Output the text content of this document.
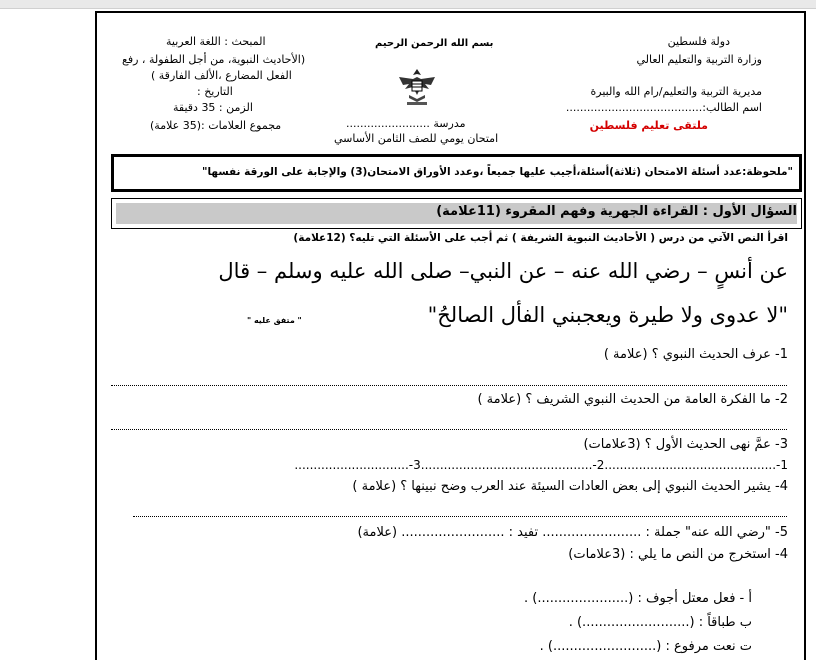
دولة فلسطين
وزارة التربية والتعليم العالي
مديرية التربية والتعليم/رام الله والبيرة
اسم الطالب:.......................................
ملتقى تعليم فلسطين
بسم الله الرحمن الرحيم
مدرسة ........................
امتحان يومي للصف الثامن الأساسي
المبحث : اللغة العربية
(الأحاديث النبوية، من أجل الطفولة ، رفع
الفعل المضارع ،الألف الفارقة )
التاريخ :
الزمن : 35 دقيقة
مجموع العلامات :(35 علامة)
"ملحوظة:عدد أسئلة الامتحان (ثلاثة)أسئلة،أجيب عليها جميعاً ،وعدد الأوراق الامتحان(3) والإجابة على الورقة نفسها"
السؤال الأول : القراءة الجهرية وفهم المقروء (11علامة)
اقرأ النص الآتي من درس ( الأحاديث النبوية الشريفة ) ثم أجب على الأسئلة التي تليه؟ (12علامة)
عن أنسٍ – رضي الله عنه – عن النبي– صلى الله عليه وسلم – قال
"لا عدوى ولا طيرة ويعجبني الفأل الصالحُ"
" متفق عليه "
1- عرف الحديث النبوي ؟ (علامة )
2- ما الفكرة العامة من الحديث النبوي الشريف ؟ (علامة )
3- عمَّ نهى الحديث الأول ؟ (3علامات)
1-.............................................2-.............................................3-..............................
4- يشير الحديث النبوي إلى بعض العادات السيئة عند العرب وضح نبينها ؟ (علامة )
5- "رضي الله عنه" جملة : ........................ تفيد : ......................... (علامة)
4- استخرج من النص ما يلي : (3علامات)
أ - فعل معتل أجوف : (......................) .
ب طباقاً : (..........................) .
ت نعت مرفوع : (.........................) .
